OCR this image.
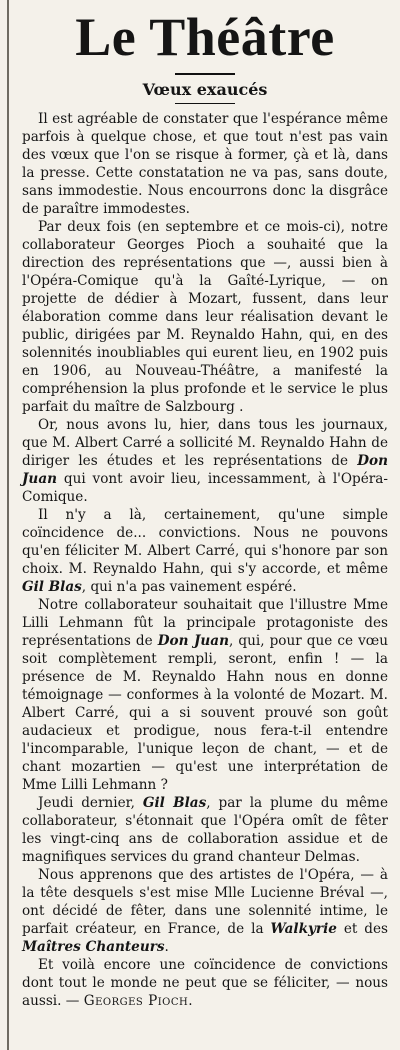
Le Théâtre
Vœux exaucés

Il est agréable de constater que l'espérance même parfois à quelque chose, et que tout n'est pas vain des vœux que l'on se risque à former, çà et là, dans la presse. Cette constatation ne va pas, sans doute, sans immodestie. Nous encourrons donc la disgrâce de paraître immodestes.

Par deux fois (en septembre et ce mois-ci), notre collaborateur Georges Pioch a souhaité que la direction des représentations que —, aussi bien à l'Opéra-Comique qu'à la Gaîté-Lyrique, — on projette de dédier à Mozart, fussent, dans leur élaboration comme dans leur réalisation devant le public, dirigées par M. Reynaldo Hahn, qui, en des solennités inoubliables qui eurent lieu, en 1902 puis en 1906, au Nouveau-Théâtre, a manifesté la compréhension la plus profonde et le service le plus parfait du maître de Salzbourg .

Or, nous avons lu, hier, dans tous les journaux, que M. Albert Carré a sollicité M. Reynaldo Hahn de diriger les études et les représentations de Don Juan qui vont avoir lieu, incessamment, à l'Opéra-Comique.

Il n'y a là, certainement, qu'une simple coïncidence de... convictions. Nous ne pouvons qu'en féliciter M. Albert Carré, qui s'honore par son choix. M. Reynaldo Hahn, qui s'y accorde, et même Gil Blas, qui n'a pas vainement espéré.

Notre collaborateur souhaitait que l'illustre Mme Lilli Lehmann fût la principale protagoniste des représentations de Don Juan, qui, pour que ce vœu soit complètement rempli, seront, enfin ! — la présence de M. Reynaldo Hahn nous en donne témoignage — conformes à la volonté de Mozart. M. Albert Carré, qui a si souvent prouvé son goût audacieux et prodigue, nous fera-t-il entendre l'incomparable, l'unique leçon de chant, — et de chant mozartien — qu'est une interprétation de Mme Lilli Lehmann ?

Jeudi dernier, Gil Blas, par la plume du même collaborateur, s'étonnait que l'Opéra omît de fêter les vingt-cinq ans de collaboration assidue et de magnifiques services du grand chanteur Delmas.

Nous apprenons que des artistes de l'Opéra, — à la tête desquels s'est mise Mlle Lucienne Bréval —, ont décidé de fêter, dans une solennité intime, le parfait créateur, en France, de la Walkyrie et des Maîtres Chanteurs.

Et voilà encore une coïncidence de convictions dont tout le monde ne peut que se féliciter, — nous aussi. — Georges Pioch.
